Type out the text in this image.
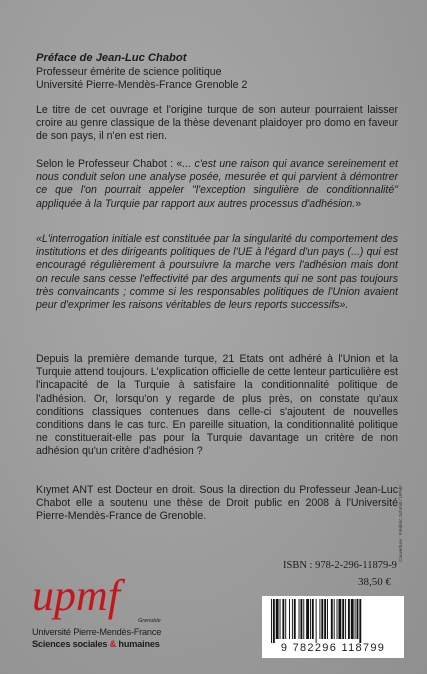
Préface de Jean-Luc Chabot
Professeur émérite de science politique
Université Pierre-Mendès-France Grenoble 2

Le titre de cet ouvrage et l'origine turque de son auteur pourraient laisser croire au genre classique de la thèse devenant plaidoyer pro domo en faveur de son pays, il n'en est rien.

Selon le Professeur Chabot : «... c'est une raison qui avance sereinement et nous conduit selon une analyse posée, mesurée et qui parvient à démontrer ce que l'on pourrait appeler "l'exception singulière de conditionnalité" appliquée à la Turquie par rapport aux autres processus d'adhésion.»

«L'interrogation initiale est constituée par la singularité du comportement des institutions et des dirigeants politiques de l'UE à l'égard d'un pays (...) qui est encouragé régulièrement à poursuivre la marche vers l'adhésion mais dont on recule sans cesse l'effectivité par des arguments qui ne sont pas toujours très convaincants ; comme si les responsables politiques de l'Union avaient peur d'exprimer les raisons véritables de leurs reports successifs».

Depuis la première demande turque, 21 Etats ont adhéré à l'Union et la Turquie attend toujours. L'explication officielle de cette lenteur particulière est l'incapacité de la Turquie à satisfaire la conditionnalité politique de l'adhésion. Or, lorsqu'on y regarde de plus près, on constate qu'aux conditions classiques contenues dans celle-ci s'ajoutent de nouvelles conditions dans le cas turc. En pareille situation, la conditionnalité politique ne constituerait-elle pas pour la Turquie davantage un critère de non adhésion qu'un critère d'adhésion ?

Kıymet ANT est Docteur en droit. Sous la direction du Professeur Jean-Luc Chabot elle a soutenu une thèse de Droit public en 2008 à l'Université Pierre-Mendès-France de Grenoble.	Couverture : Frédéric Schmitt / UPMF
upmf
Grenoble
Université Pierre-Mendès-France
Sciences sociales & humaines
ISBN : 978-2-296-11879-9
38,50 €
9 782296 118799
